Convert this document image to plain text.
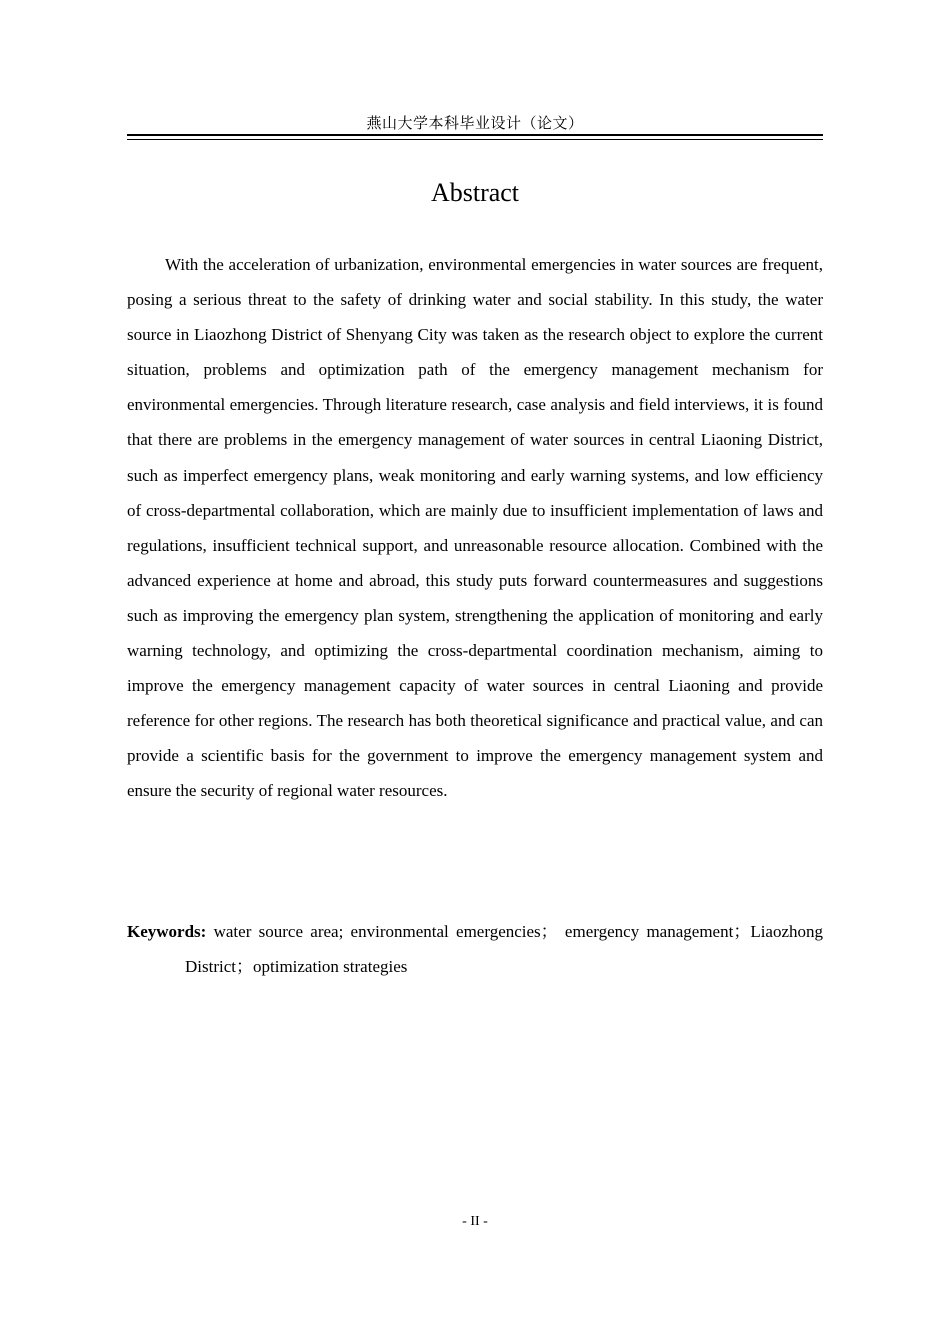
燕山大学本科毕业设计（论文）
Abstract

With the acceleration of urbanization, environmental emergencies in water sources are frequent, posing a serious threat to the safety of drinking water and social stability. In this study, the water source in Liaozhong District of Shenyang City was taken as the research object to explore the current situation, problems and optimization path of the emergency management mechanism for environmental emergencies. Through literature research, case analysis and field interviews, it is found that there are problems in the emergency management of water sources in central Liaoning District, such as imperfect emergency plans, weak monitoring and early warning systems, and low efficiency of cross-departmental collaboration, which are mainly due to insufficient implementation of laws and regulations, insufficient technical support, and unreasonable resource allocation. Combined with the advanced experience at home and abroad, this study puts forward countermeasures and suggestions such as improving the emergency plan system, strengthening the application of monitoring and early warning technology, and optimizing the cross-departmental coordination mechanism, aiming to improve the emergency management capacity of water sources in central Liaoning and provide reference for other regions. The research has both theoretical significance and practical value, and can provide a scientific basis for the government to improve the emergency management system and ensure the security of regional water resources.

Keywords: water source area; environmental emergencies； emergency management；Liaozhong District；optimization strategies

- II -
